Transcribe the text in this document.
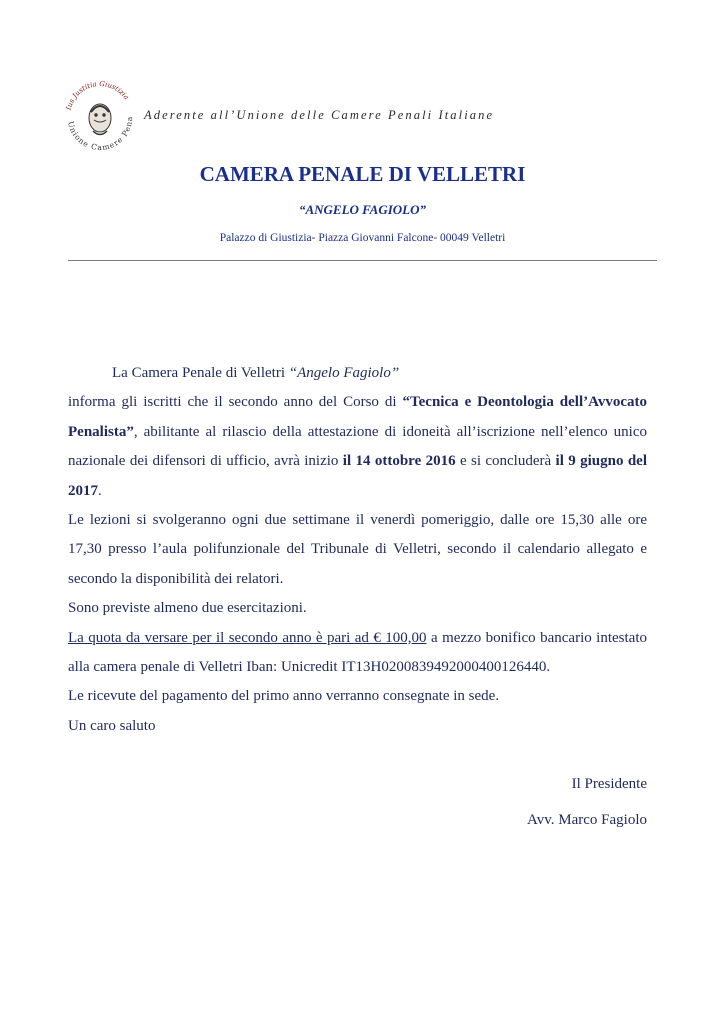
Ius Justitia Giustizia
Unione Camere Pena Aderente all’Unione delle Camere Penali Italiane
CAMERA PENALE DI VELLETRI
“ANGELO FAGIOLO”
Palazzo di Giustizia- Piazza Giovanni Falcone- 00049 Velletri

La Camera Penale di Velletri “Angelo Fagiolo”

informa gli iscritti che il secondo anno del Corso di “Tecnica e Deontologia dell’Avvocato Penalista”, abilitante al rilascio della attestazione di idoneità all’iscrizione nell’elenco unico nazionale dei difensori di ufficio, avrà inizio il 14 ottobre 2016 e si concluderà il 9 giugno del 2017.

Le lezioni si svolgeranno ogni due settimane il venerdì pomeriggio, dalle ore 15,30 alle ore 17,30 presso l’aula polifunzionale del Tribunale di Velletri, secondo il calendario allegato e secondo la disponibilità dei relatori.

Sono previste almeno due esercitazioni.

La quota da versare per il secondo anno è pari ad € 100,00 a mezzo bonifico bancario intestato alla camera penale di Velletri Iban: Unicredit IT13H0200839492000400126440.

Le ricevute del pagamento del primo anno verranno consegnate in sede.

Un caro saluto

Il Presidente
Avv. Marco Fagiolo
